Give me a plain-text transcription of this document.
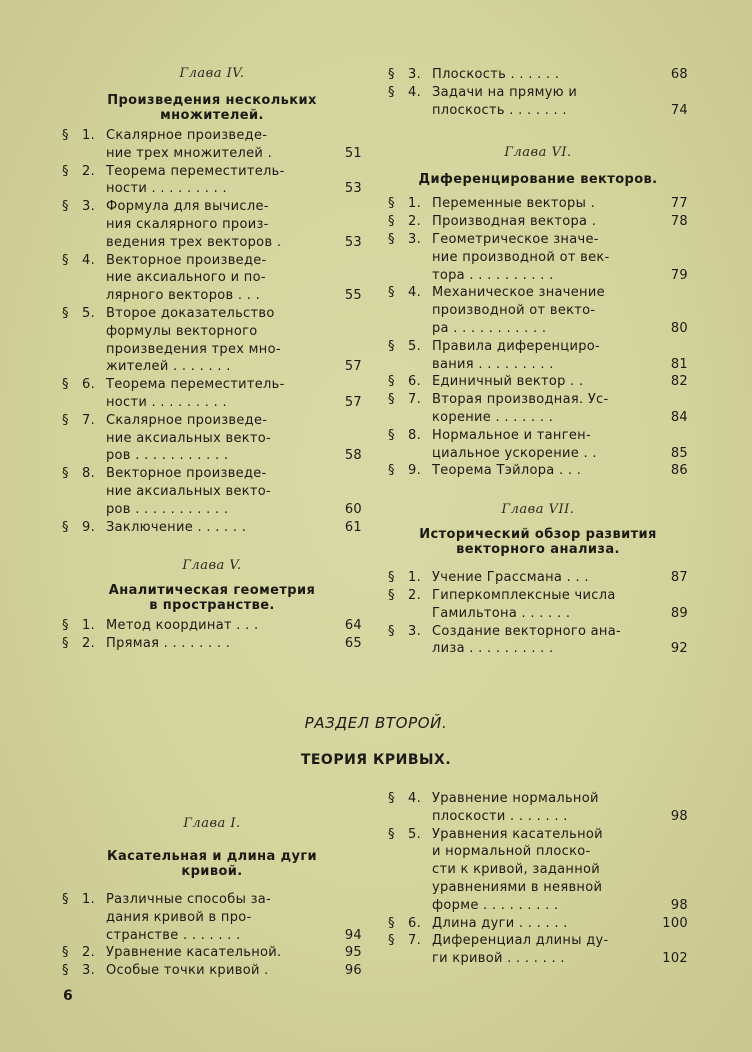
Глава IV.
Произведения нескольких
множителей.
§	1. Скалярное произведе-
ние трех множителей .	51
§	2. Теорема переместитель-
ности . . . . . . . . .	53
§	3. Формула для вычисле-
ния скалярного произ-
ведения трех векторов .	53
§	4. Векторное произведе-
ние аксиального и по-
лярного векторов . . .	55
§	5. Второе доказательство
формулы векторного
произведения трех мно-
жителей . . . . . . .	57
§	6. Теорема переместитель-
ности . . . . . . . . .	57
§	7. Скалярное произведе-
ние аксиальных векто-
ров . . . . . . . . . . .	58
§	8. Векторное произведе-
ние аксиальных векто-
ров . . . . . . . . . . .	60
§	9. Заключение . . . . . .	61
Глава V.
Аналитическая геометрия
в пространстве.
§	1. Метод координат . . .	64
§	2. Прямая . . . . . . . .	65
§	3. Плоскость . . . . . .	68
§	4. Задачи на прямую и
плоскость . . . . . . .	74
Глава VI.
Диференцирование векторов.
§	1. Переменные векторы .	77
§	2. Производная вектора .	78
§	3. Геометрическое значе-
ние производной от век-
тора . . . . . . . . . .	79
§	4. Механическое значение
производной от векто-
ра . . . . . . . . . . .	80
§	5. Правила диференциро-
вания . . . . . . . . .	81
§	6. Единичный вектор . .	82
§	7. Вторая производная. Ус-
корение . . . . . . .	84
§	8. Нормальное и танген-
циальное ускорение . .	85
§	9. Теорема Тэйлора . . .	86
Глава VII.
Исторический обзор развития
векторного анализа.
§	1. Учение Грассмана . . .	87
§	2. Гиперкомплексные числа
Гамильтона . . . . . .	89
§	3. Создание векторного ана-
лиза . . . . . . . . . .	92
РАЗДЕЛ ВТОРОЙ.
ТЕОРИЯ КРИВЫХ.
Глава I.
Касательная и длина дуги
кривой.
§	1. Различные способы за-
дания кривой в про-
странстве . . . . . . .	94
§	2. Уравнение касательной.	95
§	3. Особые точки кривой .	96
§	4. Уравнение нормальной
плоскости . . . . . . .	98
§	5. Уравнения касательной
и нормальной плоско-
сти к кривой, заданной
уравнениями в неявной
форме . . . . . . . . .	98
§	6. Длина дуги . . . . . .	100
§	7. Диференциал длины ду-
ги кривой . . . . . . .	102
6
